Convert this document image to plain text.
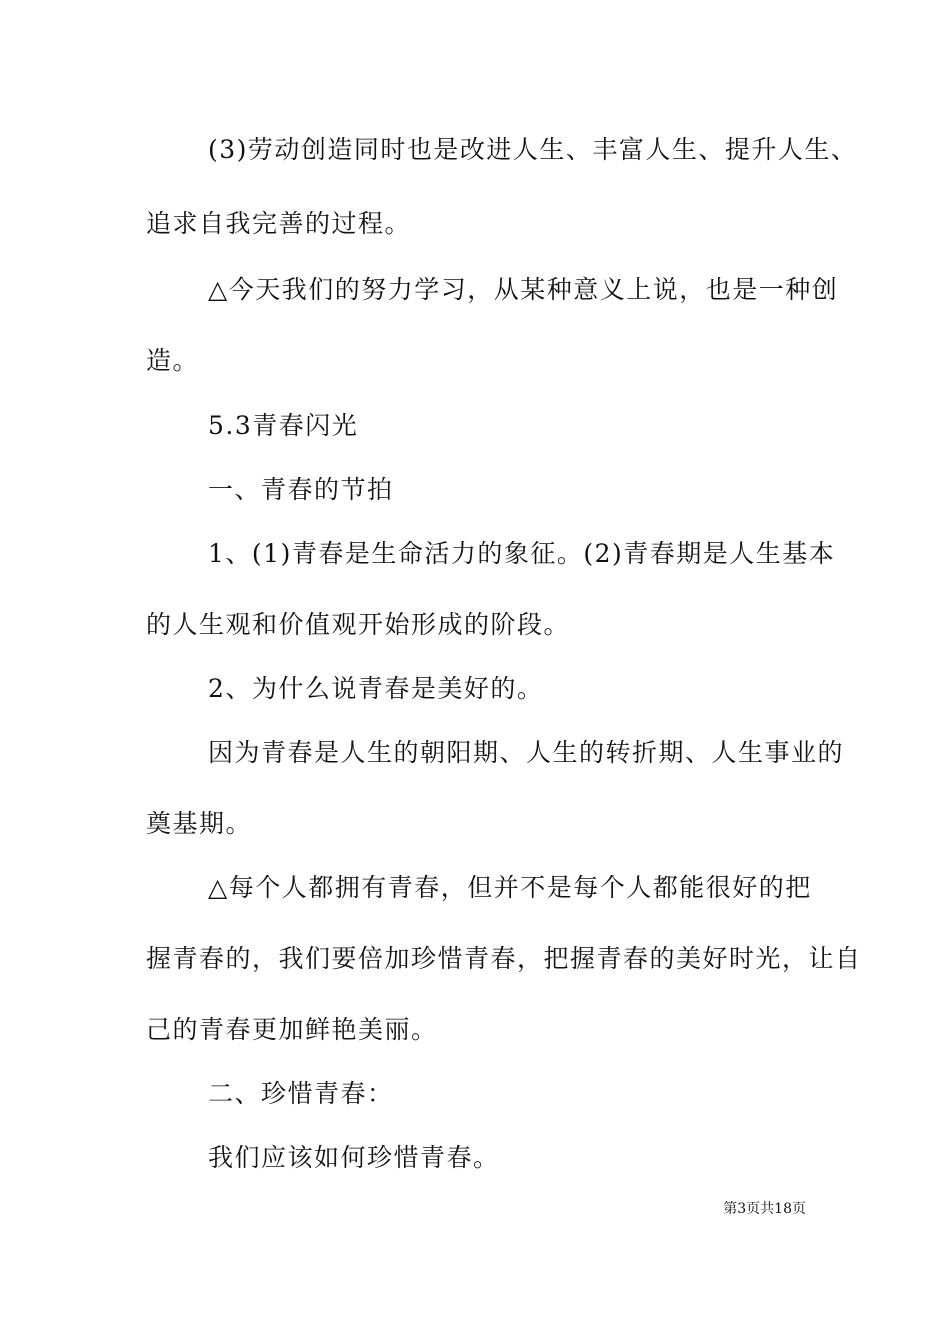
(3)劳动创造同时也是改进人生、丰富人生、提升人生、
追求自我完善的过程。
△今天我们的努力学习，从某种意义上说，也是一种创
造。
5.3青春闪光
一、青春的节拍
1、(1)青春是生命活力的象征。(2)青春期是人生基本
的人生观和价值观开始形成的阶段。
2、为什么说青春是美好的。
因为青春是人生的朝阳期、人生的转折期、人生事业的
奠基期。
△每个人都拥有青春，但并不是每个人都能很好的把
握青春的，我们要倍加珍惜青春，把握青春的美好时光，让自
己的青春更加鲜艳美丽。
二、珍惜青春：
我们应该如何珍惜青春。
第3页共18页
